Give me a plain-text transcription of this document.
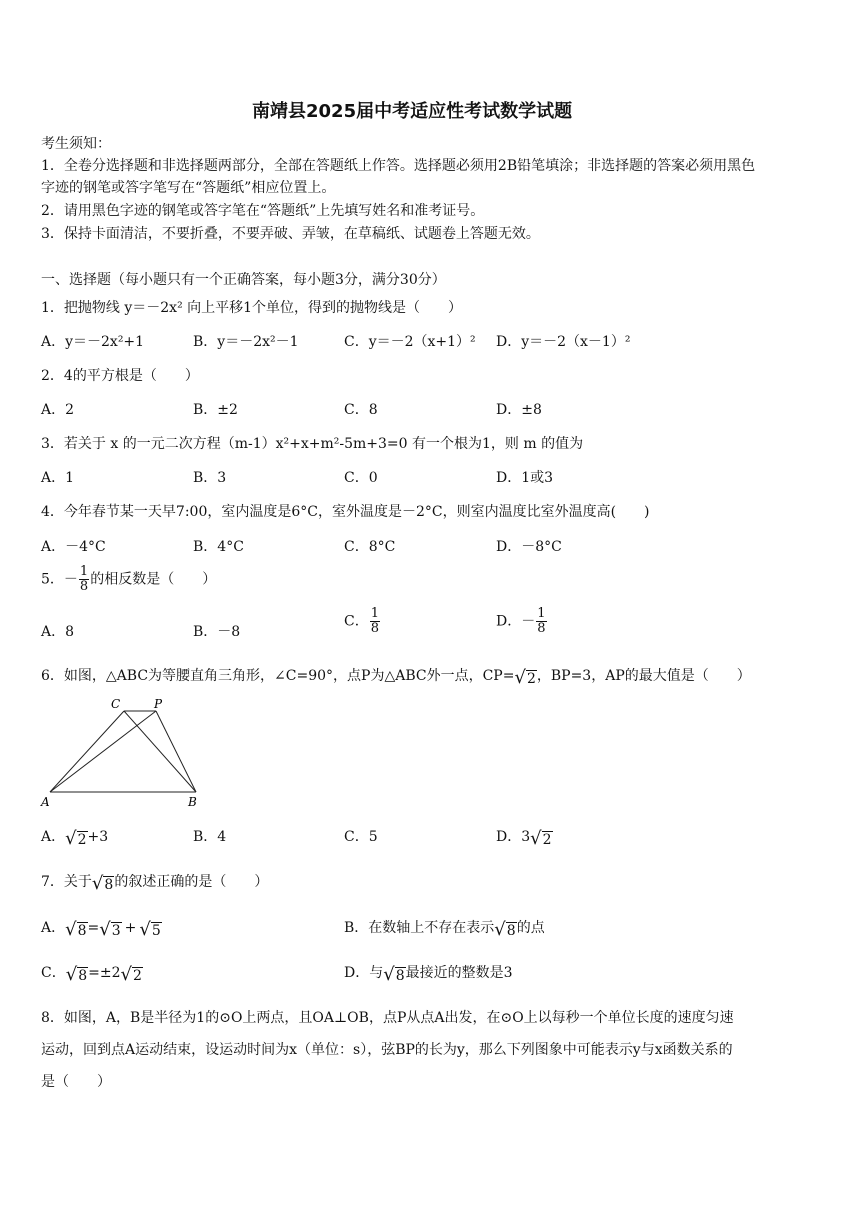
南靖县2025届中考适应性考试数学试题
考生须知：
1．全卷分选择题和非选择题两部分，全部在答题纸上作答。选择题必须用2B铅笔填涂；非选择题的答案必须用黑色
字迹的钢笔或答字笔写在“答题纸”相应位置上。
2．请用黑色字迹的钢笔或答字笔在“答题纸”上先填写姓名和准考证号。
3．保持卡面清洁，不要折叠，不要弄破、弄皱，在草稿纸、试题卷上答题无效。
一、选择题（每小题只有一个正确答案，每小题3分，满分30分）
1．把抛物线 y＝－2x² 向上平移1个单位，得到的抛物线是（　　）
A．y＝－2x²+1	B．y＝－2x²－1	C．y＝－2（x+1）² D．y＝－2（x－1）²
2．4的平方根是（　　）
A．2	B．±2	C．8	D．±8
3．若关于 x 的一元二次方程（m-1）x²+x+m²-5m+3=0 有一个根为1，则 m 的值为
A．1	B．3	C．0	D．1或3
4．今年春节某一天早7:00，室内温度是6°C，室外温度是－2°C，则室内温度比室外温度高(　　)
A．－4°C	B．4°C	C．8°C	D．－8°C
5．－ $\frac{1}{8}$ 的相反数是（　　）
A．8	B．－8
C． $\frac{1}{8}$	D．－ $\frac{1}{8}$
6．如图，△ABC为等腰直角三角形，∠C=90°，点P为△ABC外一点，CP= √ 2 ，BP=3，AP的最大值是（　　）
C	P
A	B
A． √ 2 +3	B．4	C．5	D．3 √ 2
7．关于 √ 8 的叙述正确的是（　　）
A． √ 8 = √ 3 + √ 5	B．在数轴上不存在表示 √ 8 的点
C． √ 8 =±2 √ 2	D．与 √ 8 最接近的整数是3
8．如图，A，B是半径为1的⊙O上两点，且OA⊥OB，点P从点A出发，在⊙O上以每秒一个单位长度的速度匀速
运动，回到点A运动结束，设运动时间为x（单位：s），弦BP的长为y，那么下列图象中可能表示y与x函数关系的
是（　　）
